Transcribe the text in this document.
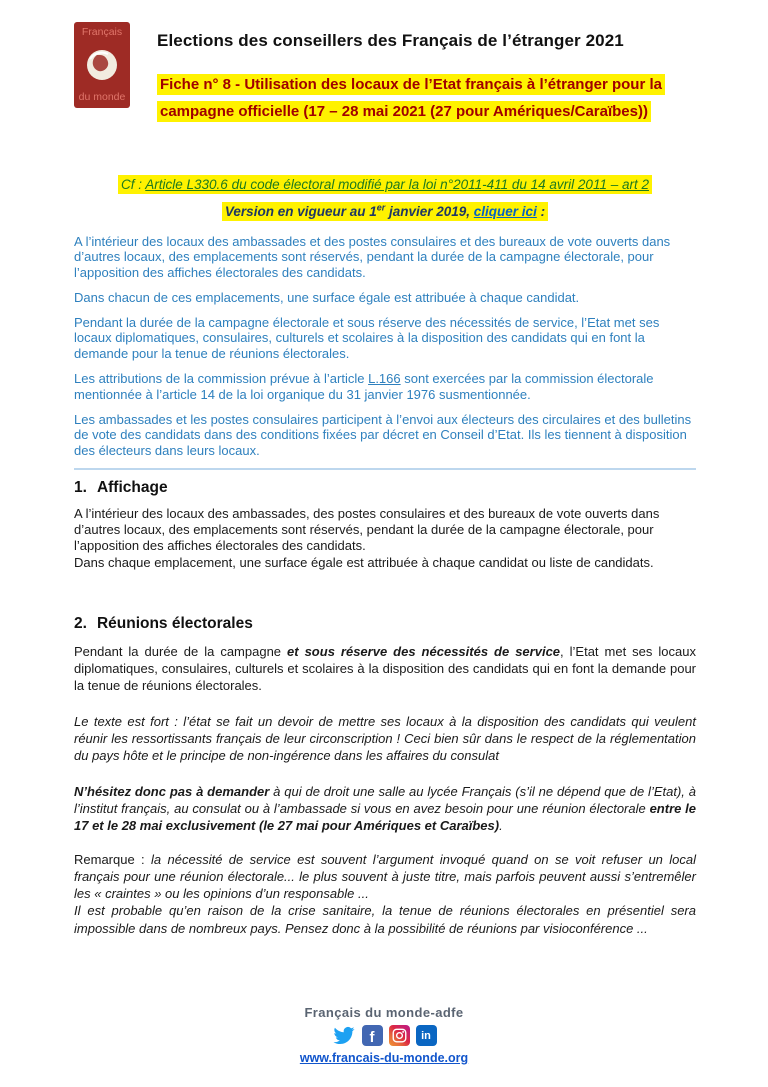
Français
du monde
Elections des conseillers des Français de l’étranger 2021
Fiche n° 8 - Utilisation des locaux de l’Etat français à l’étranger pour la
campagne officielle (17 – 28 mai 2021 (27 pour Amériques/Caraïbes))
Cf : Article L330.6 du code électoral modifié par la loi n°2011-411 du 14 avril 2011 – art 2
Version en vigueur au 1er janvier 2019, cliquer ici :

A l’intérieur des locaux des ambassades et des postes consulaires et des bureaux de vote ouverts dans d’autres locaux, des emplacements sont réservés, pendant la durée de la campagne électorale, pour l’apposition des affiches électorales des candidats.

Dans chacun de ces emplacements, une surface égale est attribuée à chaque candidat.

Pendant la durée de la campagne électorale et sous réserve des nécessités de service, l’Etat met ses locaux diplomatiques, consulaires, culturels et scolaires à la disposition des candidats qui en font la demande pour la tenue de réunions électorales.

Les attributions de la commission prévue à l’article L.166 sont exercées par la commission électorale mentionnée à l’article 14 de la loi organique du 31 janvier 1976 susmentionnée.

Les ambassades et les postes consulaires participent à l’envoi aux électeurs des circulaires et des bulletins de vote des candidats dans des conditions fixées par décret en Conseil d’Etat. Ils les tiennent à disposition des électeurs dans leurs locaux.

1. Affichage

A l’intérieur des locaux des ambassades, des postes consulaires et des bureaux de vote ouverts dans d’autres locaux, des emplacements sont réservés, pendant la durée de la campagne électorale, pour l’apposition des affiches électorales des candidats.

Dans chaque emplacement, une surface égale est attribuée à chaque candidat ou liste de candidats.

2. Réunions électorales

Pendant la durée de la campagne et sous réserve des nécessités de service, l’Etat met ses locaux diplomatiques, consulaires, culturels et scolaires à la disposition des candidats qui en font la demande pour la tenue de réunions électorales.

Le texte est fort : l’état se fait un devoir de mettre ses locaux à la disposition des candidats qui veulent réunir les ressortissants français de leur circonscription ! Ceci bien sûr dans le respect de la réglementation du pays hôte et le principe de non-ingérence dans les affaires du consulat

N’hésitez donc pas à demander à qui de droit une salle au lycée Français (s’il ne dépend que de l’Etat), à l’institut français, au consulat ou à l’ambassade si vous en avez besoin pour une réunion électorale entre le 17 et le 28 mai exclusivement (le 27 mai pour Amériques et Caraïbes).

Remarque : la nécessité de service est souvent l’argument invoqué quand on se voit refuser un local français pour une réunion électorale... le plus souvent à juste titre, mais parfois peuvent aussi s’entremêler les « craintes » ou les opinions d’un responsable ...
Il est probable qu’en raison de la crise sanitaire, la tenue de réunions électorales en présentiel sera impossible dans de nombreux pays. Pensez donc à la possibilité de réunions par visioconférence ...

Français du monde-adfe
f	in
www.francais-du-monde.org
